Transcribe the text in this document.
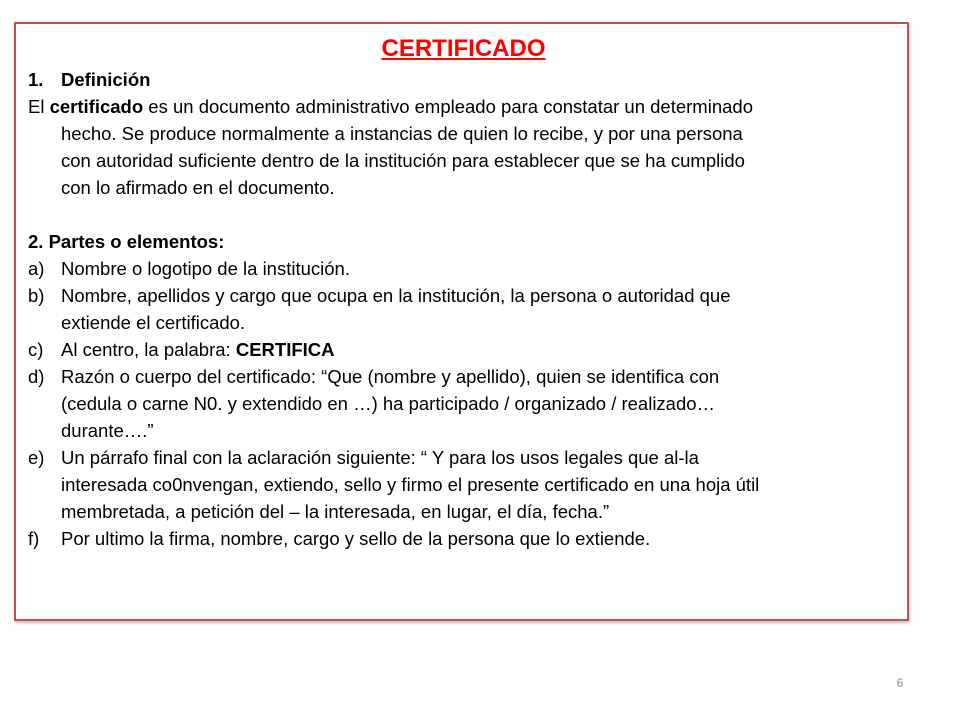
CERTIFICADO
1. Definición
El certificado es un documento administrativo empleado para constatar un determinado
hecho. Se produce normalmente a instancias de quien lo recibe, y por una persona
con autoridad suficiente dentro de la institución para establecer que se ha cumplido
con lo afirmado en el documento.
2. Partes o elementos:
a) Nombre o logotipo de la institución.
b) Nombre, apellidos y cargo que ocupa en la institución, la persona o autoridad que
extiende el certificado.
c) Al centro, la palabra: CERTIFICA
d) Razón o cuerpo del certificado: “Que (nombre y apellido), quien se identifica con
(cedula o carne N0. y extendido en …) ha participado / organizado / realizado…
durante….”
e) Un párrafo final con la aclaración siguiente: “ Y para los usos legales que al-la
interesada co0nvengan, extiendo, sello y firmo el presente certificado en una hoja útil
membretada, a petición del – la interesada, en lugar, el día, fecha.”
f)	Por ultimo la firma, nombre, cargo y sello de la persona que lo extiende.
6
